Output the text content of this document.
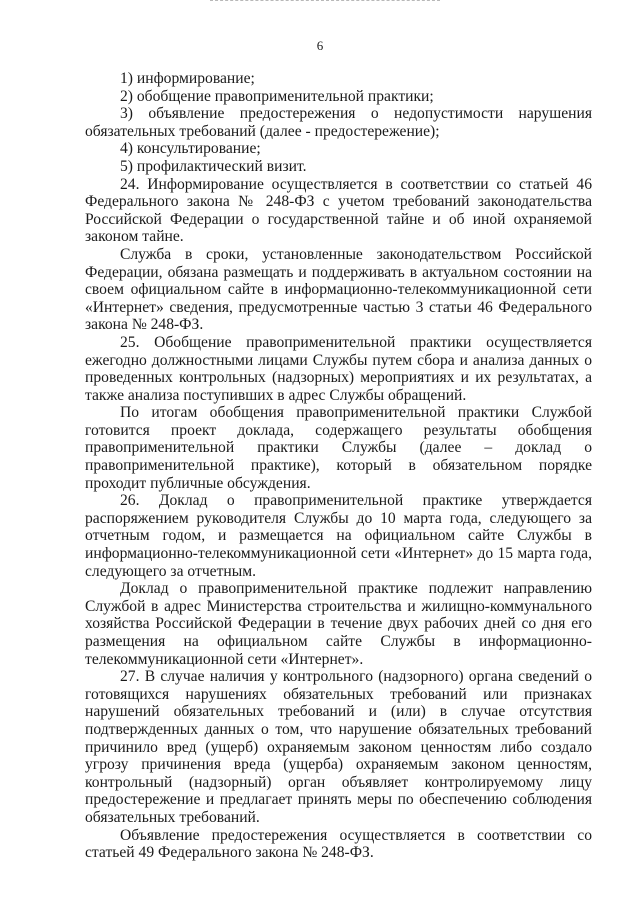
6

1) информирование;

2) обобщение правоприменительной практики;

3) объявление предостережения о недопустимости нарушения обязательных требований (далее - предостережение);

4) консультирование;

5) профилактический визит.

24. Информирование осуществляется в соответствии со статьей 46 Федерального закона № 248-ФЗ с учетом требований законодательства Российской Федерации о государственной тайне и об иной охраняемой законом тайне.

Служба в сроки, установленные законодательством Российской Федерации, обязана размещать и поддерживать в актуальном состоянии на своем официальном сайте в информационно-телекоммуникационной сети «Интернет» сведения, предусмотренные частью 3 статьи 46 Федерального закона № 248-ФЗ.

25. Обобщение правоприменительной практики осуществляется ежегодно должностными лицами Службы путем сбора и анализа данных о проведенных контрольных (надзорных) мероприятиях и их результатах, а также анализа поступивших в адрес Службы обращений.

По итогам обобщения правоприменительной практики Службой готовится проект доклада, содержащего результаты обобщения правоприменительной практики Службы (далее – доклад о правоприменительной практике), который в обязательном порядке проходит публичные обсуждения.

26. Доклад о правоприменительной практике утверждается распоряжением руководителя Службы до 10 марта года, следующего за отчетным годом, и размещается на официальном сайте Службы в информационно-телекоммуникационной сети «Интернет» до 15 марта года, следующего за отчетным.

Доклад о правоприменительной практике подлежит направлению Службой в адрес Министерства строительства и жилищно-коммунального хозяйства Российской Федерации в течение двух рабочих дней со дня его размещения на официальном сайте Службы в информационно-телекоммуникационной сети «Интернет».

27. В случае наличия у контрольного (надзорного) органа сведений о готовящихся нарушениях обязательных требований или признаках нарушений обязательных требований и (или) в случае отсутствия подтвержденных данных о том, что нарушение обязательных требований причинило вред (ущерб) охраняемым законом ценностям либо создало угрозу причинения вреда (ущерба) охраняемым законом ценностям, контрольный (надзорный) орган объявляет контролируемому лицу предостережение и предлагает принять меры по обеспечению соблюдения обязательных требований.

Объявление предостережения осуществляется в соответствии со статьей 49 Федерального закона № 248-ФЗ.
